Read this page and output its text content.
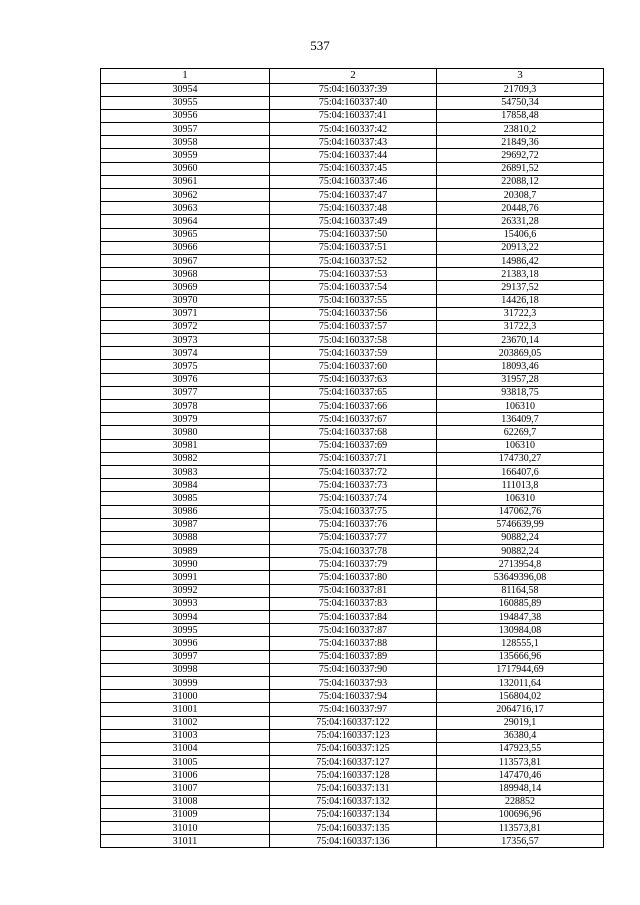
537
1	2	3
30954	75:04:160337:39	21709,3
30955	75:04:160337:40	54750,34
30956	75:04:160337:41	17858,48
30957	75:04:160337:42	23810,2
30958	75:04:160337:43	21849,36
30959	75:04:160337:44	29692,72
30960	75:04:160337:45	26891,52
30961	75:04:160337:46	22088,12
30962	75:04:160337:47	20308,7
30963	75:04:160337:48	20448,76
30964	75:04:160337:49	26331,28
30965	75:04:160337:50	15406,6
30966	75:04:160337:51	20913,22
30967	75:04:160337:52	14986,42
30968	75:04:160337:53	21383,18
30969	75:04:160337:54	29137,52
30970	75:04:160337:55	14426,18
30971	75:04:160337:56	31722,3
30972	75:04:160337:57	31722,3
30973	75:04:160337:58	23670,14
30974	75:04:160337:59	203869,05
30975	75:04:160337:60	18093,46
30976	75:04:160337:63	31957,28
30977	75:04:160337:65	93818,75
30978	75:04:160337:66	106310
30979	75:04:160337:67	136409,7
30980	75:04:160337:68	62269,7
30981	75:04:160337:69	106310
30982	75:04:160337:71	174730,27
30983	75:04:160337:72	166407,6
30984	75:04:160337:73	111013,8
30985	75:04:160337:74	106310
30986	75:04:160337:75	147062,76
30987	75:04:160337:76	5746639,99
30988	75:04:160337:77	90882,24
30989	75:04:160337:78	90882,24
30990	75:04:160337:79	2713954,8
30991	75:04:160337:80	53649396,08
30992	75:04:160337:81	81164,58
30993	75:04:160337:83	160885,89
30994	75:04:160337:84	194847,38
30995	75:04:160337:87	130984,08
30996	75:04:160337:88	128555,1
30997	75:04:160337:89	135666,96
30998	75:04:160337:90	1717944,69
30999	75:04:160337:93	132011,64
31000	75:04:160337:94	156804,02
31001	75:04:160337:97	2064716,17
31002	75:04:160337:122	29019,1
31003	75:04:160337:123	36380,4
31004	75:04:160337:125	147923,55
31005	75:04:160337:127	113573,81
31006	75:04:160337:128	147470,46
31007	75:04:160337:131	189948,14
31008	75:04:160337:132	228852
31009	75:04:160337:134	100696,96
31010	75:04:160337:135	113573,81
31011	75:04:160337:136	17356,57
